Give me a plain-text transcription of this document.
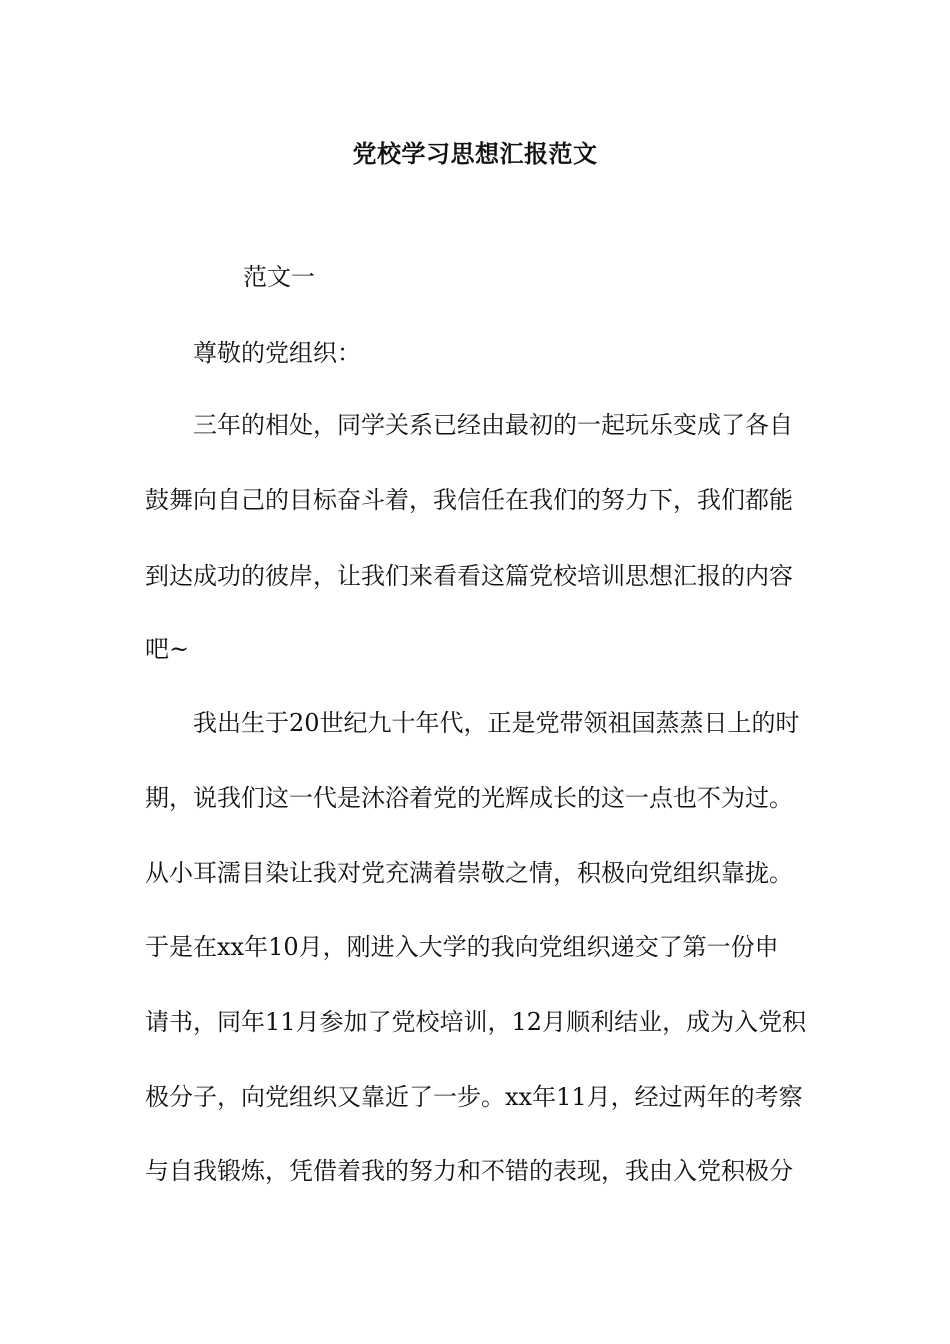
党校学习思想汇报范文

范文一

尊敬的党组织：

三年的相处，同学关系已经由最初的一起玩乐变成了各自

鼓舞向自己的目标奋斗着，我信任在我们的努力下，我们都能

到达成功的彼岸，让我们来看看这篇党校培训思想汇报的内容

吧~

我出生于20世纪九十年代，正是党带领祖国蒸蒸日上的时

期，说我们这一代是沐浴着党的光辉成长的这一点也不为过。

从小耳濡目染让我对党充满着崇敬之情，积极向党组织靠拢。

于是在xx年10月，刚进入大学的我向党组织递交了第一份申

请书，同年11月参加了党校培训，12月顺利结业，成为入党积

极分子，向党组织又靠近了一步。xx年11月，经过两年的考察

与自我锻炼，凭借着我的努力和不错的表现，我由入党积极分
